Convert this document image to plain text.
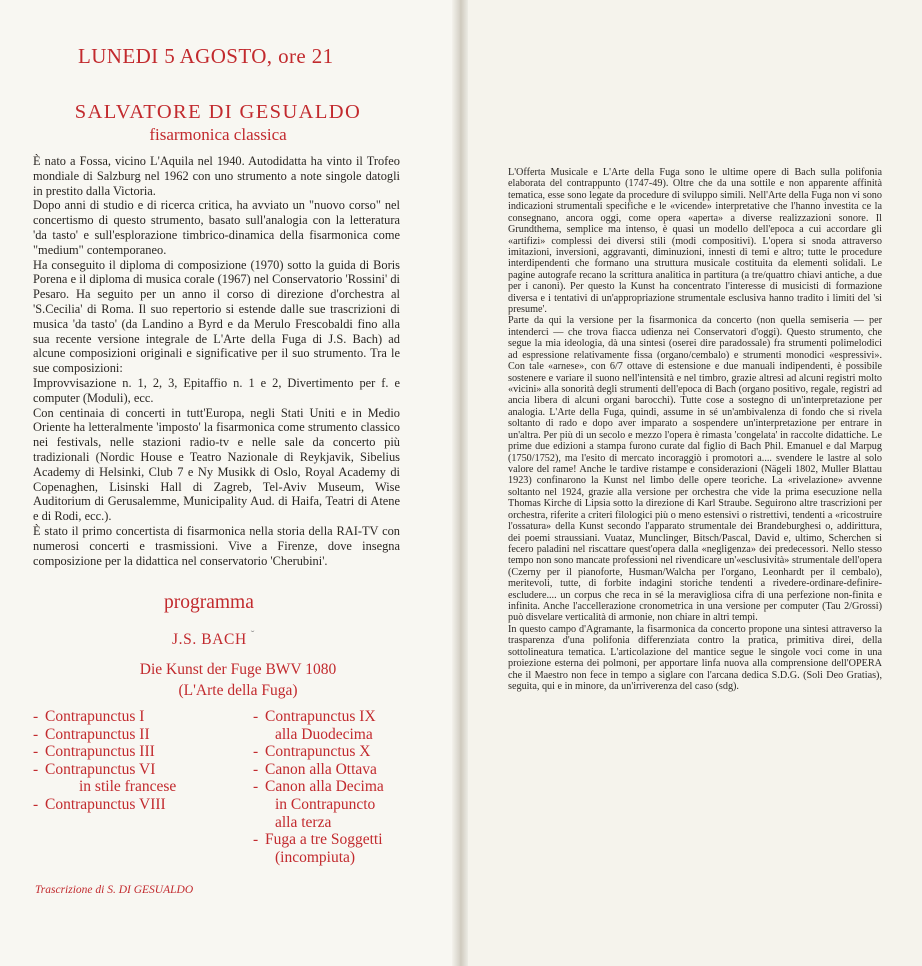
LUNEDI 5 AGOSTO, ore 21
SALVATORE DI GESUALDO
fisarmonica classica

È nato a Fossa, vicino L'Aquila nel 1940. Autodidatta ha vinto il Trofeo mondiale di Salzburg nel 1962 con uno strumento a note singole datogli in prestito dalla Victoria.

Dopo anni di studio e di ricerca critica, ha avviato un "nuovo corso" nel concertismo di questo strumento, basato sull'analogia con la letteratura 'da tasto' e sull'esplorazione timbrico-dinamica della fisarmonica come "medium" contemporaneo.

Ha conseguito il diploma di composizione (1970) sotto la guida di Boris Porena e il diploma di musica corale (1967) nel Conservatorio 'Rossini' di Pesaro. Ha seguito per un anno il corso di direzione d'orchestra al 'S.Cecilia' di Roma. Il suo repertorio si estende dalle sue trascrizioni di musica 'da tasto' (da Landino a Byrd e da Merulo Frescobaldi fino alla sua recente versione integrale de L'Arte della Fuga di J.S. Bach) ad alcune composizioni originali e significative per il suo strumento. Tra le sue composizioni:

Improvvisazione n. 1, 2, 3, Epitaffio n. 1 e 2, Divertimento per f. e computer (Moduli), ecc.

Con centinaia di concerti in tutt'Europa, negli Stati Uniti e in Medio Oriente ha letteralmente 'imposto' la fisarmonica come strumento classico nei festivals, nelle stazioni radio-tv e nelle sale da concerto più tradizionali (Nordic House e Teatro Nazionale di Reykjavik, Sibelius Academy di Helsinki, Club 7 e Ny Musikk di Oslo, Royal Academy di Copenaghen, Lisinski Hall di Zagreb, Tel-Aviv Museum, Wise Auditorium di Gerusalemme, Municipality Aud. di Haifa, Teatri di Atene e di Rodi, ecc.).

È stato il primo concertista di fisarmonica nella storia della RAI-TV con numerosi concerti e trasmissioni. Vive a Firenze, dove insegna composizione per la didattica nel conservatorio 'Cherubini'.

programma
J.S. BACH $^ˇ$
Die Kunst der Fuge BWV 1080
(L'Arte della Fuga)
- Contrapunctus I
- Contrapunctus II
- Contrapunctus III
- Contrapunctus VI
in stile francese
- Contrapunctus VIII
- Contrapunctus IX
alla Duodecima
- Contrapunctus X
- Canon alla Ottava
- Canon alla Decima
in Contrapuncto
alla terza
- Fuga a tre Soggetti
(incompiuta)
Trascrizione di S. DI GESUALDO

L'Offerta Musicale e L'Arte della Fuga sono le ultime opere di Bach sulla polifonia elaborata del contrappunto (1747-49). Oltre che da una sottile e non apparente affinità tematica, esse sono legate da procedure di sviluppo simili. Nell'Arte della Fuga non vi sono indicazioni strumentali specifiche e le «vicende» interpretative che l'hanno investita ce la consegnano, ancora oggi, come opera «aperta» a diverse realizzazioni sonore. Il Grundthema, semplice ma intenso, è quasi un modello dell'epoca a cui accordare gli «artifizi» complessi dei diversi stili (modi compositivi). L'opera si snoda attraverso imitazioni, inversioni, aggravanti, diminuzioni, innesti di temi e altro; tutte le procedure interdipendenti che formano una struttura musicale costituita da elementi solidali. Le pagine autografe recano la scrittura analitica in partitura (a tre/quattro chiavi antiche, a due per i canoni). Per questo la Kunst ha concentrato l'interesse di musicisti di formazione diversa e i tentativi di un'appropriazione strumentale esclusiva hanno tradito i limiti del 'si presume'.

Parte da qui la versione per la fisarmonica da concerto (non quella semiseria — per intenderci — che trova fiacca udienza nei Conservatori d'oggi). Questo strumento, che segue la mia ideologia, dà una sintesi (oserei dire paradossale) fra strumenti polimelodici ad espressione relativamente fissa (organo/cembalo) e strumenti monodici «espressivi». Con tale «arnese», con 6/7 ottave di estensione e due manuali indipendenti, è possibile sostenere e variare il suono nell'intensità e nel timbro, grazie altresì ad alcuni registri molto «vicini» alla sonorità degli strumenti dell'epoca di Bach (organo positivo, regale, registri ad ancia libera di alcuni organi barocchi). Tutte cose a sostegno di un'interpretazione per analogia. L'Arte della Fuga, quindi, assume in sé un'ambivalenza di fondo che si rivela soltanto di rado e dopo aver imparato a sospendere un'interpretazione per entrare in un'altra. Per più di un secolo e mezzo l'opera è rimasta 'congelata' in raccolte didattiche. Le prime due edizioni a stampa furono curate dal figlio di Bach Phil. Emanuel e dal Marpug (1750/1752), ma l'esito di mercato incoraggiò i promotori a.... svendere le lastre al solo valore del rame! Anche le tardive ristampe e considerazioni (Nägeli 1802, Muller Blattau 1923) confinarono la Kunst nel limbo delle opere teoriche. La «rivelazione» avvenne soltanto nel 1924, grazie alla versione per orchestra che vide la prima esecuzione nella Thomas Kirche di Lipsia sotto la direzione di Karl Straube. Seguirono altre trascrizioni per orchestra, riferite a criteri filologici più o meno estensivi o ristrettivi, tendenti a «ricostruire l'ossatura» della Kunst secondo l'apparato strumentale dei Brandeburghesi o, addirittura, dei poemi straussiani. Vuataz, Munclinger, Bitsch/Pascal, David e, ultimo, Scherchen si fecero paladini nel riscattare quest'opera dalla «negligenza» dei predecessori. Nello stesso tempo non sono mancate professioni nel rivendicare un'«esclusività» strumentale dell'opera (Czerny per il pianoforte, Husman/Walcha per l'organo, Leonhardt per il cembalo), meritevoli, tutte, di forbite indagini storiche tendenti a rivedere-ordinare-definire-escludere.... un corpus che reca in sé la meravigliosa cifra di una perfezione non-finita e infinita. Anche l'accellerazione cronometrica in una versione per computer (Tau 2/Grossi) può disvelare verticalità di armonie, non chiare in altri tempi.

In questo campo d'Agramante, la fisarmonica da concerto propone una sintesi attraverso la trasparenza d'una polifonia differenziata contro la pratica, primitiva direi, della sottolineatura tematica. L'articolazione del mantice segue le singole voci come in una proiezione esterna dei polmoni, per apportare linfa nuova alla comprensione dell'OPERA che il Maestro non fece in tempo a siglare con l'arcana dedica S.D.G. (Soli Deo Gratias), seguita, qui e in minore, da un'irriverenza del caso (sdg).
